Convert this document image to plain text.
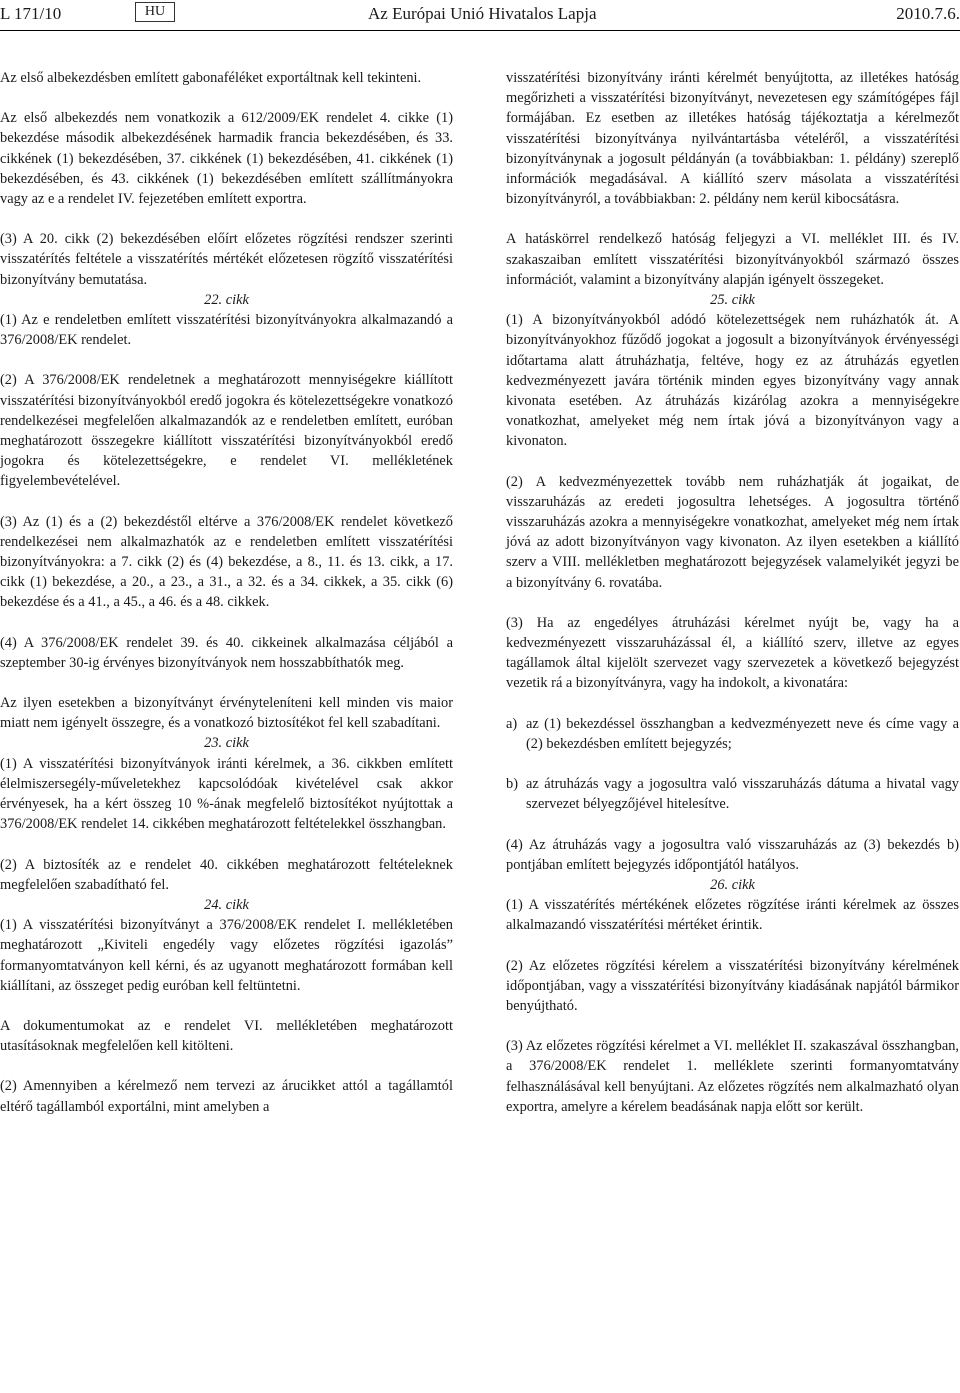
L 171/10	HU	Az Európai Unió Hivatalos Lapja	2010.7.6.

Az első albekezdésben említett gabonaféléket exportáltnak kell tekinteni.

Az első albekezdés nem vonatkozik a 612/2009/EK rendelet 4. cikke (1) bekezdése második albekezdésének harmadik francia bekezdésében, és 33. cikkének (1) bekezdésében, 37. cikkének (1) bekezdésében, 41. cikkének (1) bekezdésében, és 43. cikkének (1) bekezdésében említett szállítmányokra vagy az e a rendelet IV. fejezetében említett exportra.

(3) A 20. cikk (2) bekezdésében előírt előzetes rögzítési rendszer szerinti visszatérítés feltétele a visszatérítés mértékét előzetesen rögzítő visszatérítési bizonyítvány bemutatása.

22. cikk

(1) Az e rendeletben említett visszatérítési bizonyítványokra alkalmazandó a 376/2008/EK rendelet.

(2) A 376/2008/EK rendeletnek a meghatározott mennyiségekre kiállított visszatérítési bizonyítványokból eredő jogokra és kötelezettségekre vonatkozó rendelkezései megfelelően alkalmazandók az e rendeletben említett, euróban meghatározott összegekre kiállított visszatérítési bizonyítványokból eredő jogokra és kötelezettségekre, e rendelet VI. mellékletének figyelembevételével.

(3) Az (1) és a (2) bekezdéstől eltérve a 376/2008/EK rendelet következő rendelkezései nem alkalmazhatók az e rendeletben említett visszatérítési bizonyítványokra: a 7. cikk (2) és (4) bekezdése, a 8., 11. és 13. cikk, a 17. cikk (1) bekezdése, a 20., a 23., a 31., a 32. és a 34. cikkek, a 35. cikk (6) bekezdése és a 41., a 45., a 46. és a 48. cikkek.

(4) A 376/2008/EK rendelet 39. és 40. cikkeinek alkalmazása céljából a szeptember 30-ig érvényes bizonyítványok nem hosszabbíthatók meg.

Az ilyen esetekben a bizonyítványt érvényteleníteni kell minden vis maior miatt nem igényelt összegre, és a vonatkozó biztosítékot fel kell szabadítani.

23. cikk

(1) A visszatérítési bizonyítványok iránti kérelmek, a 36. cikkben említett élelmiszersegély-műveletekhez kapcsolódóak kivételével csak akkor érvényesek, ha a kért összeg 10 %-ának megfelelő biztosítékot nyújtottak a 376/2008/EK rendelet 14. cikkében meghatározott feltételekkel összhangban.

(2) A biztosíték az e rendelet 40. cikkében meghatározott feltételeknek megfelelően szabadítható fel.

24. cikk

(1) A visszatérítési bizonyítványt a 376/2008/EK rendelet I. mellékletében meghatározott „Kiviteli engedély vagy előzetes rögzítési igazolás” formanyomtatványon kell kérni, és az ugyanott meghatározott formában kell kiállítani, az összeget pedig euróban kell feltüntetni.

A dokumentumokat az e rendelet VI. mellékletében meghatározott utasításoknak megfelelően kell kitölteni.

(2) Amennyiben a kérelmező nem tervezi az árucikket attól a tagállamtól eltérő tagállamból exportálni, mint amelyben a

visszatérítési bizonyítvány iránti kérelmét benyújtotta, az illetékes hatóság megőrizheti a visszatérítési bizonyítványt, nevezetesen egy számítógépes fájl formájában. Ez esetben az illetékes hatóság tájékoztatja a kérelmezőt visszatérítési bizonyítványa nyilvántartásba vételéről, a visszatérítési bizonyítványnak a jogosult példányán (a továbbiakban: 1. példány) szereplő információk megadásával. A kiállító szerv másolata a visszatérítési bizonyítványról, a továbbiakban: 2. példány nem kerül kibocsátásra.

A hatáskörrel rendelkező hatóság feljegyzi a VI. melléklet III. és IV. szakaszaiban említett visszatérítési bizonyítványokból származó összes információt, valamint a bizonyítvány alapján igényelt összegeket.

25. cikk

(1) A bizonyítványokból adódó kötelezettségek nem ruházhatók át. A bizonyítványokhoz fűződő jogokat a jogosult a bizonyítványok érvényességi időtartama alatt átruházhatja, feltéve, hogy ez az átruházás egyetlen kedvezményezett javára történik minden egyes bizonyítvány vagy annak kivonata esetében. Az átruházás kizárólag azokra a mennyiségekre vonatkozhat, amelyeket még nem írtak jóvá a bizonyítványon vagy a kivonaton.

(2) A kedvezményezettek tovább nem ruházhatják át jogaikat, de visszaruházás az eredeti jogosultra lehetséges. A jogosultra történő visszaruházás azokra a mennyiségekre vonatkozhat, amelyeket még nem írtak jóvá az adott bizonyítványon vagy kivonaton. Az ilyen esetekben a kiállító szerv a VIII. mellékletben meghatározott bejegyzések valamelyikét jegyzi be a bizonyítvány 6. rovatába.

(3) Ha az engedélyes átruházási kérelmet nyújt be, vagy ha a kedvezményezett visszaruházással él, a kiállító szerv, illetve az egyes tagállamok által kijelölt szervezet vagy szervezetek a következő bejegyzést vezetik rá a bizonyítványra, vagy ha indokolt, a kivonatára:

a) az (1) bekezdéssel összhangban a kedvezményezett neve és címe vagy a (2) bekezdésben említett bejegyzés;
b) az átruházás vagy a jogosultra való visszaruházás dátuma a hivatal vagy szervezet bélyegzőjével hitelesítve.

(4) Az átruházás vagy a jogosultra való visszaruházás az (3) bekezdés b) pontjában említett bejegyzés időpontjától hatályos.

26. cikk

(1) A visszatérítés mértékének előzetes rögzítése iránti kérelmek az összes alkalmazandó visszatérítési mértéket érintik.

(2) Az előzetes rögzítési kérelem a visszatérítési bizonyítvány kérelmének időpontjában, vagy a visszatérítési bizonyítvány kiadásának napjától bármikor benyújtható.

(3) Az előzetes rögzítési kérelmet a VI. melléklet II. szakaszával összhangban, a 376/2008/EK rendelet 1. melléklete szerinti formanyomtatvány felhasználásával kell benyújtani. Az előzetes rögzítés nem alkalmazható olyan exportra, amelyre a kérelem beadásának napja előtt sor került.
